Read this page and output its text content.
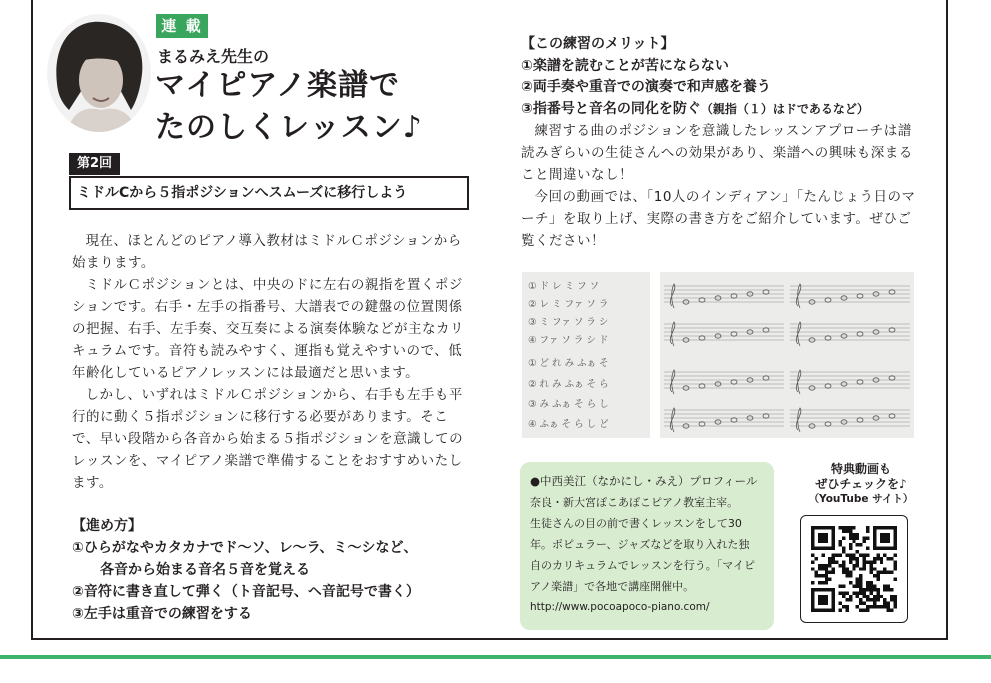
連 載
まるみえ先生の
マイピアノ楽譜で
たのしくレッスン♪
第2回
ミドルCから５指ポジションへスムーズに移行しよう

現在、ほとんどのピアノ導入教材はミドルＣポジションから始まります。

ミドルＣポジションとは、中央のドに左右の親指を置くポジションです。右手・左手の指番号、大譜表での鍵盤の位置関係の把握、右手、左手奏、交互奏による演奏体験などが主なカリキュラムです。音符も読みやすく、運指も覚えやすいので、低年齢化しているピアノレッスンには最適だと思います。

しかし、いずれはミドルＣポジションから、右手も左手も平行的に動く５指ポジションに移行する必要があります。そこで、早い段階から各音から始まる５指ポジションを意識してのレッスンを、マイピアノ楽譜で準備することをおすすめいたします。

【進め方】
①ひらがなやカタカナでド〜ソ、レ〜ラ、ミ〜シなど、
各音から始まる音名５音を覚える
②音符に書き直して弾く（ト音記号、ヘ音記号で書く）
③左手は重音での練習をする
【この練習のメリット】
①楽譜を読むことが苦にならない
②両手奏や重音での演奏で和声感を養う
③指番号と音名の同化を防ぐ（親指（１）はドであるなど）

練習する曲のポジションを意識したレッスンアプローチは譜読みぎらいの生徒さんへの効果があり、楽譜への興味も深まること間違いなし！

今回の動画では、「10人のインディアン」「たんじょう日のマーチ」を取り上げ、実際の書き方をご紹介しています。ぜひご覧ください！

① ド レ ミ フ ソ
② レ ミ ファ ソ ラ
③ ミ ファ ソ ラ シ
④ ファ ソ ラ シ ド
① ど れ み ふぁ そ
② れ み ふぁ そ ら
③ み ふぁ そ ら し
④ ふぁ そ ら し ど
●中西美江（なかにし・みえ）プロフィール
奈良・新大宮ぽこあぽこピアノ教室主宰。
生徒さんの目の前で書くレッスンをして30
年。ポピュラー、ジャズなどを取り入れた独
自のカリキュラムでレッスンを行う。「マイピ
アノ楽譜」で各地で講座開催中。
http://www.pocoapoco-piano.com/
特典動画も
ぜひチェックを♪
（YouTube サイト）
